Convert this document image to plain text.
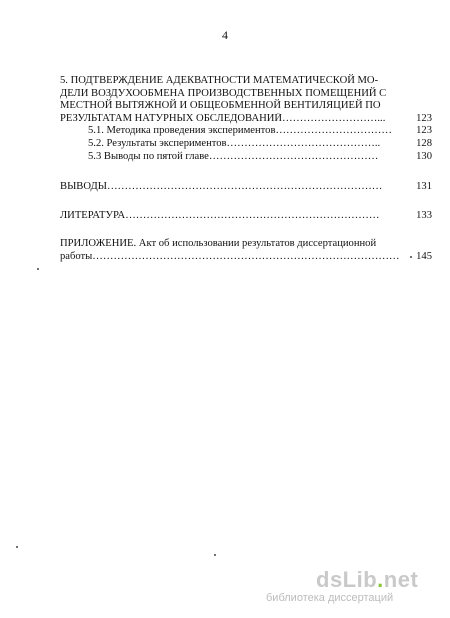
4
5. ПОДТВЕРЖДЕНИЕ АДЕКВАТНОСТИ МАТЕМАТИЧЕСКОЙ МО-
ДЕЛИ ВОЗДУХООБМЕНА ПРОИЗВОДСТВЕННЫХ ПОМЕЩЕНИЙ С
МЕСТНОЙ ВЫТЯЖНОЙ И ОБЩЕОБМЕННОЙ ВЕНТИЛЯЦИЕЙ ПО
РЕЗУЛЬТАТАМ НАТУРНЫХ ОБСЛЕДОВАНИЙ………………………...	123
5.1. Методика проведения экспериментов……………………………	123
5.2. Результаты экспериментов……………………………………..	128
5.3 Выводы по пятой главе…………………………………………	130
ВЫВОДЫ……………………………………………………………………	131
ЛИТЕРАТУРА………………………………………………………………	133
ПРИЛОЖЕНИЕ. Акт об использовании результатов диссертационной
работы……………………………………………………………………………	145
dsLib.net
библиотека диссертаций
